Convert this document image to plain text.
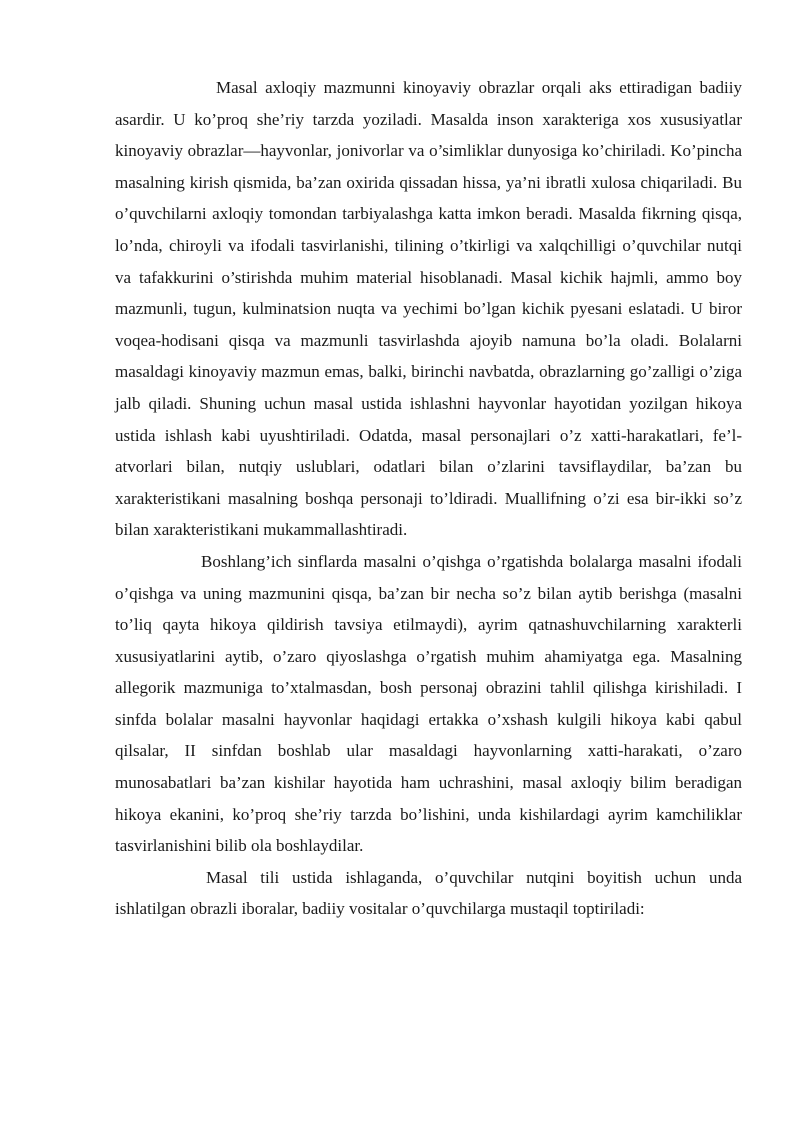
Masal axloqiy mazmunni kinoyaviy obrazlar orqali aks ettiradigan badiiy asardir. U ko’proq she’riy tarzda yoziladi. Masalda inson xarakteriga xos xususiyatlar kinoyaviy obrazlar—hayvonlar, jonivorlar va o’simliklar dunyosiga ko’chiriladi. Ko’pincha masalning kirish qismida, ba’zan oxirida qissadan hissa, ya’ni ibratli xulosa chiqariladi. Bu o’quvchilarni axloqiy tomondan tarbiyalashga katta imkon beradi. Masalda fikrning qisqa, lo’nda, chiroyli va ifodali tasvirlanishi, tilining o’tkirligi va xalqchilligi o’quvchilar nutqi va tafakkurini o’stirishda muhim material hisoblanadi. Masal kichik hajmli, ammo boy mazmunli, tugun, kulminatsion nuqta va yechimi bo’lgan kichik pyesani eslatadi. U biror voqea-hodisani qisqa va mazmunli tasvirlashda ajoyib namuna bo’la oladi. Bolalarni masaldagi kinoyaviy mazmun emas, balki, birinchi navbatda, obrazlarning go’zalligi o’ziga jalb qiladi. Shuning uchun masal ustida ishlashni hayvonlar hayotidan yozilgan hikoya ustida ishlash kabi uyushtiriladi. Odatda, masal personajlari o’z xatti-harakatlari, fe’l-atvorlari bilan, nutqiy uslublari, odatlari bilan o’zlarini tavsiflaydilar, ba’zan bu xarakteristikani masalning boshqa personaji to’ldiradi. Muallifning o’zi esa bir-ikki so’z bilan xarakteristikani mukammallashtiradi.

Boshlang’ich sinflarda masalni o’qishga o’rgatishda bolalarga masalni ifodali o’qishga va uning mazmunini qisqa, ba’zan bir necha so’z bilan aytib berishga (masalni to’liq qayta hikoya qildirish tavsiya etilmaydi), ayrim qatnashuvchilarning xarakterli xususiyatlarini aytib, o’zaro qiyoslashga o’rgatish muhim ahamiyatga ega. Masalning allegorik mazmuniga to’xtalmasdan, bosh personaj obrazini tahlil qilishga kirishiladi. I sinfda bolalar masalni hayvonlar haqidagi ertakka o’xshash kulgili hikoya kabi qabul qilsalar, II sinfdan boshlab ular masaldagi hayvonlarning xatti-harakati, o’zaro munosabatlari ba’zan kishilar hayotida ham uchrashini, masal axloqiy bilim beradigan hikoya ekanini, ko’proq she’riy tarzda bo’lishini, unda kishilardagi ayrim kamchiliklar tasvirlanishini bilib ola boshlaydilar.

Masal tili ustida ishlaganda, o’quvchilar nutqini boyitish uchun unda ishlatilgan obrazli iboralar, badiiy vositalar o’quvchilarga mustaqil toptiriladi:
